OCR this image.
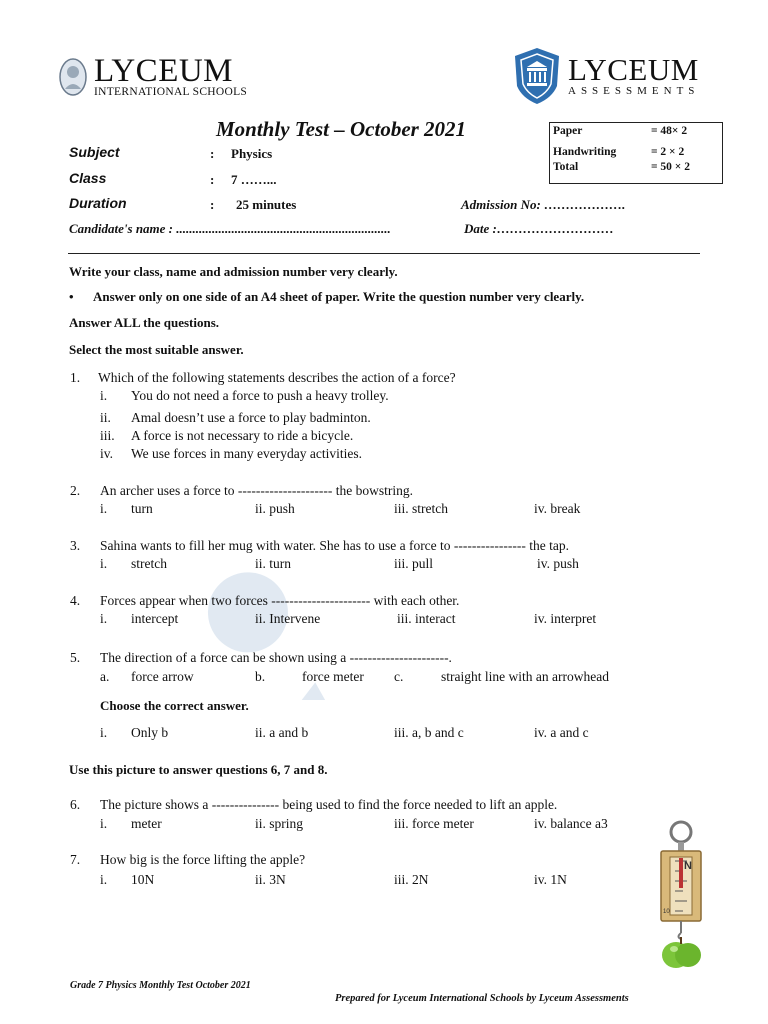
LYCEUM
INTERNATIONAL SCHOOLS
LYCEUM
ASSESSMENTS
Monthly Test – October 2021	Paper	= 48× 2
Handwriting	= 2 × 2
Total	= 50 × 2
Subject	: Physics
Class	: 7 ……...
Duration	: 25 minutes	Admission No: ……………….
Candidate's name : ..................................................................	Date :………………………
Write your class, name and admission number very clearly.
• Answer only on one side of an A4 sheet of paper. Write the question number very clearly.
Answer ALL the questions.
Select the most suitable answer.
1. Which of the following statements describes the action of a force?
i. You do not need a force to push a heavy trolley.
ii. Amal doesn’t use a force to play badminton.
iii. A force is not necessary to ride a bicycle.
iv. We use forces in many everyday activities.
2. An archer uses a force to --------------------- the bowstring.
i. turn	ii. push	iii. stretch	iv. break
3. Sahina wants to fill her mug with water. She has to use a force to ---------------- the tap.
i. stretch	ii. turn	iii. pull	iv. push
4. Forces appear when two forces ---------------------- with each other.
i. intercept	ii. Intervene	iii. interact	iv. interpret
5. The direction of a force can be shown using a ----------------------.
a. force arrow	b.	force meter c.	straight line with an arrowhead
Choose the correct answer.
i. Only b	ii. a and b	iii. a, b and c	iv. a and c
Use this picture to answer questions 6, 7 and 8.
6. The picture shows a --------------- being used to find the force needed to lift an apple.
i. meter	ii. spring	iii. force meter	iv. balance a3
7. How big is the force lifting the apple?
i. 10N	ii. 3N	iii. 2N	iv. 1N
N
10
Grade 7 Physics Monthly Test October 2021
Prepared for Lyceum International Schools by Lyceum Assessments
